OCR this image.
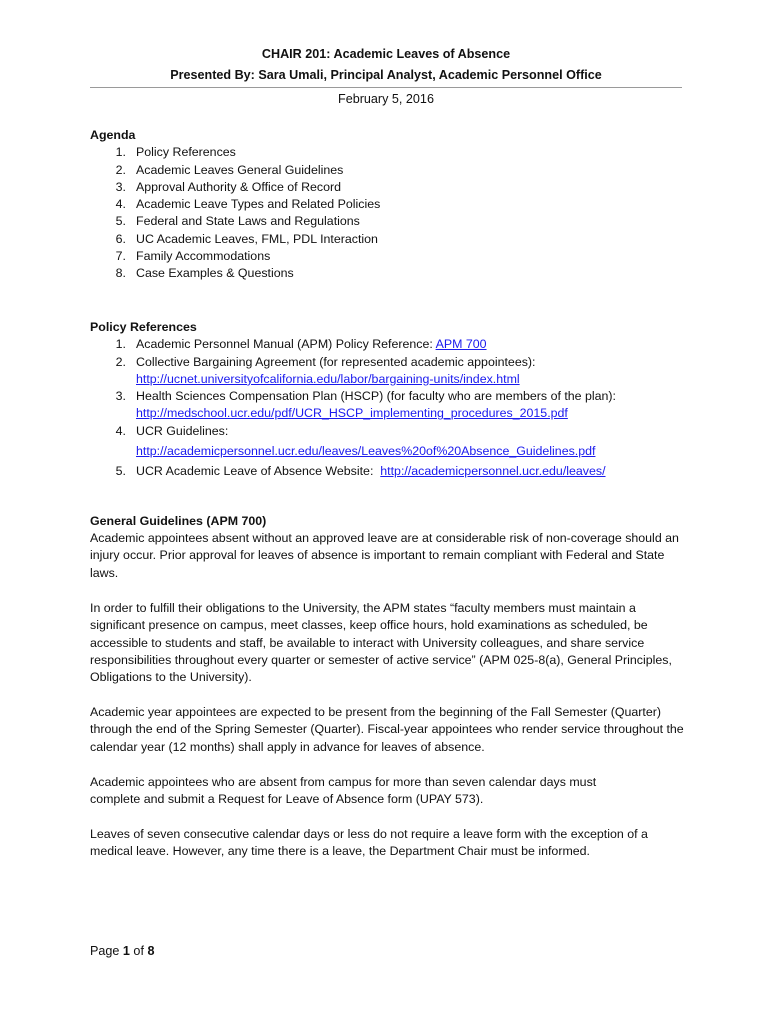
CHAIR 201: Academic Leaves of Absence
Presented By: Sara Umali, Principal Analyst, Academic Personnel Office
February 5, 2016
Agenda
1. Policy References
2. Academic Leaves General Guidelines
3. Approval Authority & Office of Record
4. Academic Leave Types and Related Policies
5. Federal and State Laws and Regulations
6. UC Academic Leaves, FML, PDL Interaction
7. Family Accommodations
8. Case Examples & Questions
Policy References
1. Academic Personnel Manual (APM) Policy Reference: APM 700
2. Collective Bargaining Agreement (for represented academic appointees):
http://ucnet.universityofcalifornia.edu/labor/bargaining-units/index.html
3. Health Sciences Compensation Plan (HSCP) (for faculty who are members of the plan):
http://medschool.ucr.edu/pdf/UCR_HSCP_implementing_procedures_2015.pdf
4. UCR Guidelines:
http://academicpersonnel.ucr.edu/leaves/Leaves%20of%20Absence_Guidelines.pdf
5. UCR Academic Leave of Absence Website:  http://academicpersonnel.ucr.edu/leaves/
General Guidelines (APM 700)

Academic appointees absent without an approved leave are at considerable risk of non-coverage should an injury occur. Prior approval for leaves of absence is important to remain compliant with Federal and State laws.

In order to fulfill their obligations to the University, the APM states “faculty members must maintain a significant presence on campus, meet classes, keep office hours, hold examinations as scheduled, be accessible to students and staff, be available to interact with University colleagues, and share service responsibilities throughout every quarter or semester of active service” (APM 025-8(a), General Principles, Obligations to the University).

Academic year appointees are expected to be present from the beginning of the Fall Semester (Quarter) through the end of the Spring Semester (Quarter). Fiscal-year appointees who render service throughout the calendar year (12 months) shall apply in advance for leaves of absence.

Academic appointees who are absent from campus for more than seven calendar days must complete and submit a Request for Leave of Absence form (UPAY 573).

Leaves of seven consecutive calendar days or less do not require a leave form with the exception of a medical leave. However, any time there is a leave, the Department Chair must be informed.

Page 1 of 8
